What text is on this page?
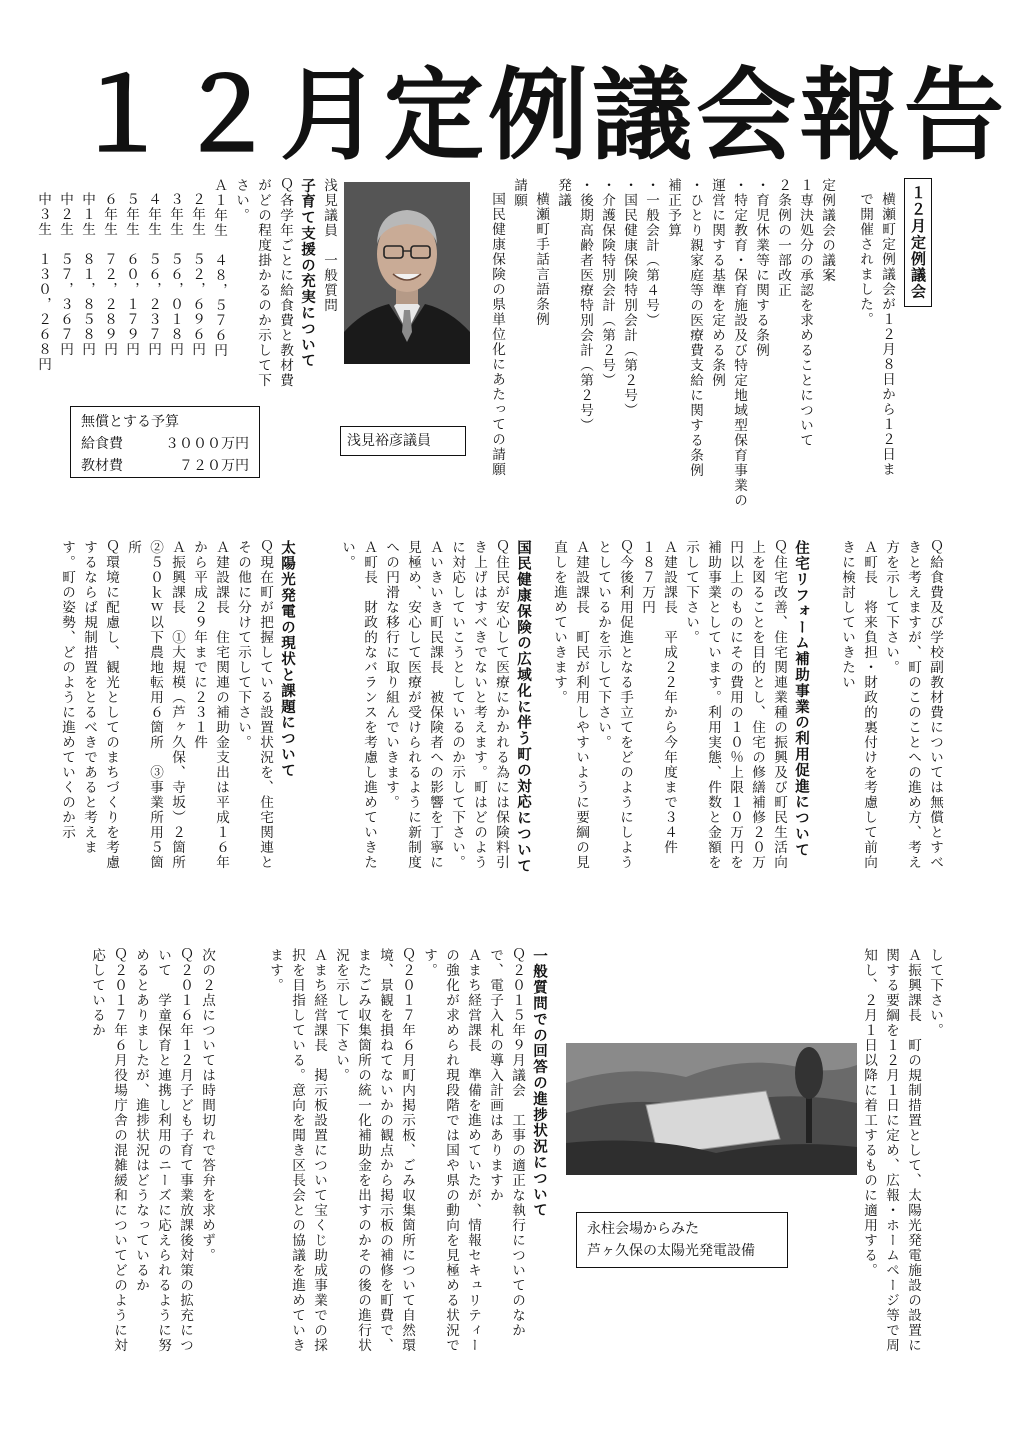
１２月定例議会報告

１２月定例議会

横瀬町定例議会が１２月８日から１２日まで開催されました。

定例議会の議案

１専決処分の承認を求めることについて

２条例の一部改正

・育児休業等に関する条例

・特定教育・保育施設及び特定地域型保育事業の運営に関する基準を定める条例

・ひとり親家庭等の医療費支給に関する条例

補正予算

・一般会計（第４号）

・国民健康保険特別会計（第２号）

・介護保険特別会計（第２号）

・後期高齢者医療特別会計（第２号）

発議

横瀬町手話言語条例

請願

国民健康保険の県単位化にあたっての請願

浅見議員　一般質問

子育て支援の充実について

Ｑ各学年ごとに給食費と教材費がどの程度掛かるのか示して下さい。

Ａ１年生　４８，５７６円

２年生　５２，６９６円

３年生　５６，０１８円

４年生　５６，２３７円

５年生　６０，１７９円

６年生　７２，２８９円

中１生　８１，８５８円

中２生　５７，３６７円

中３生　１３０，２６８円

Ｑ給食費及び学校副教材費については無償とすべきと考えますが、町のこのことへの進め方、考え方を示して下さい。

Ａ町長　将来負担・財政的裏付けを考慮して前向きに検討していきたい

住宅リフォーム補助事業の利用促進について

Ｑ住宅改善、住宅関連業種の振興及び町民生活向上を図ることを目的とし、住宅の修繕補修２０万円以上のものにその費用の１０％上限１０万円を補助事業としています。利用実態、件数と金額を示して下さい。

Ａ建設課長　平成２２年から今年度まで３４件　１８７万円

Ｑ今後利用促進となる手立てをどのようにしようとしているかを示して下さい。

Ａ建設課長　町民が利用しやすいように要綱の見直しを進めていきます。

国民健康保険の広域化に伴う町の対応について

Ｑ住民が安心して医療にかかれる為には保険料引き上げはすべきでないと考えます。町はどのように対応していこうとしているのか示して下さい。

Ａいきいき町民課長　被保険者への影響を丁寧に見極め、安心して医療が受けられるように新制度への円滑な移行に取り組んでいきます。

Ａ町長　財政的なバランスを考慮し進めていきたい。

太陽光発電の現状と課題について

Ｑ現在町が把握している設置状況を、住宅関連とその他に分けて示して下さい。

Ａ建設課長　住宅関連の補助金支出は平成１６年から平成２９年までに２３１件

Ａ振興課長　①大規模（芦ヶ久保、寺坂）２箇所　②５０ｋｗ以下農地転用６箇所　③事業所用５箇所

Ｑ環境に配慮し、観光としてのまちづくりを考慮するならば規制措置をとるべきであると考えます。町の姿勢、どのように進めていくのか示

して下さい。

Ａ振興課長　町の規制措置として、太陽光発電施設の設置に関する要綱を１２月１日に定め、広報・ホームページ等で周知し、２月１日以降に着工するものに適用する。

一般質問での回答の進捗状況について

Ｑ２０１５年９月議会　工事の適正な執行についてのなかで、電子入札の導入計画はありますか

Ａまち経営課長　準備を進めていたが、情報セキュリティーの強化が求められ現段階では国や県の動向を見極める状況です。

Ｑ２０１７年６月町内掲示板、ごみ収集箇所について自然環境、景観を損ねてないかの観点から掲示板の補修を町費で、またごみ収集箇所の統一化補助金を出すのかその後の進行状況を示して下さい。

Ａまち経営課長　掲示板設置について宝くじ助成事業での採択を目指している。意向を聞き区長会との協議を進めていきます。

次の２点については時間切れで答弁を求めず。

Ｑ２０１６年１２月子ども子育て事業放課後対策の拡充について　学童保育と連携し利用のニーズに応えられるように努めるとありましたが、進捗状況はどうなっているか

Ｑ２０１７年６月役場庁舎の混雑緩和についてどのように対応しているか

無償とする予算
給食費	３０００万円
教材費	７２０万円
浅見裕彦議員
永柱会場からみた
芦ヶ久保の太陽光発電設備
